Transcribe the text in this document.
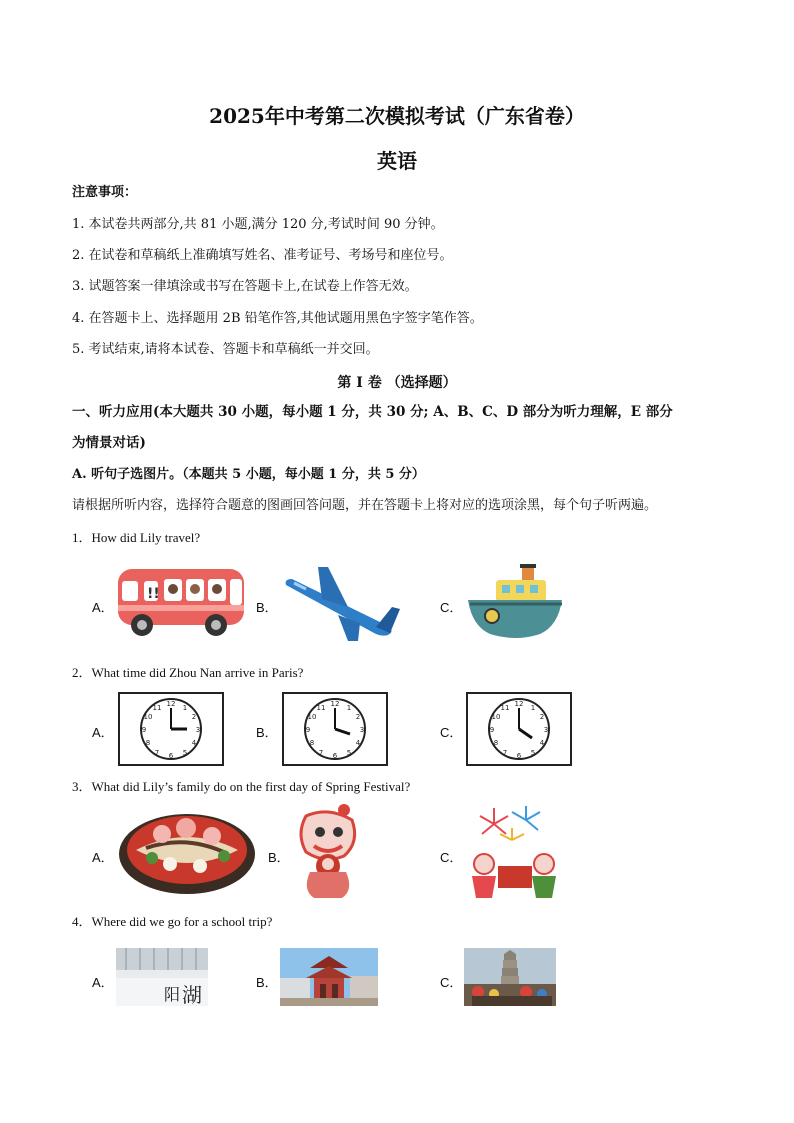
2025年中考第二次模拟考试（广东省卷）
英语
注意事项：
1. 本试卷共两部分,共 81 小题,满分 120 分,考试时间 90 分钟。
2. 在试卷和草稿纸上准确填写姓名、准考证号、考场号和座位号。
3. 试题答案一律填涂或书写在答题卡上,在试卷上作答无效。
4. 在答题卡上、选择题用 2B 铅笔作答,其他试题用黑色字签字笔作答。
5. 考试结束,请将本试卷、答题卡和草稿纸一并交回。
第 I 卷 （选择题）
一、听力应用(本大题共 30 小题，每小题 1 分，共 30 分; A、B、C、D 部分为听力理解，E 部分
为情景对话)
A. 听句子选图片。（本题共 5 小题，每小题 1 分，共 5 分）
请根据所听内容，选择符合题意的图画回答问题，并在答题卡上将对应的选项涂黑，每个句子听两遍。
1．How did Lily travel?
A．
!!
B．	C．
2．What time did Zhou Nan arrive in Paris?
A．
12 1
2
3
4
5
6
7
8
9
10
11
B．
12 1
2
3
4
5
6
7
8
9
10
11
C．
12 1
2
3
4
5
6
7
8
9
10
11
3．What did Lily’s family do on the first day of Spring Festival?
A．	B．	C．
4．Where did we go for a school trip?
A．
阳 湖
B．	C．
